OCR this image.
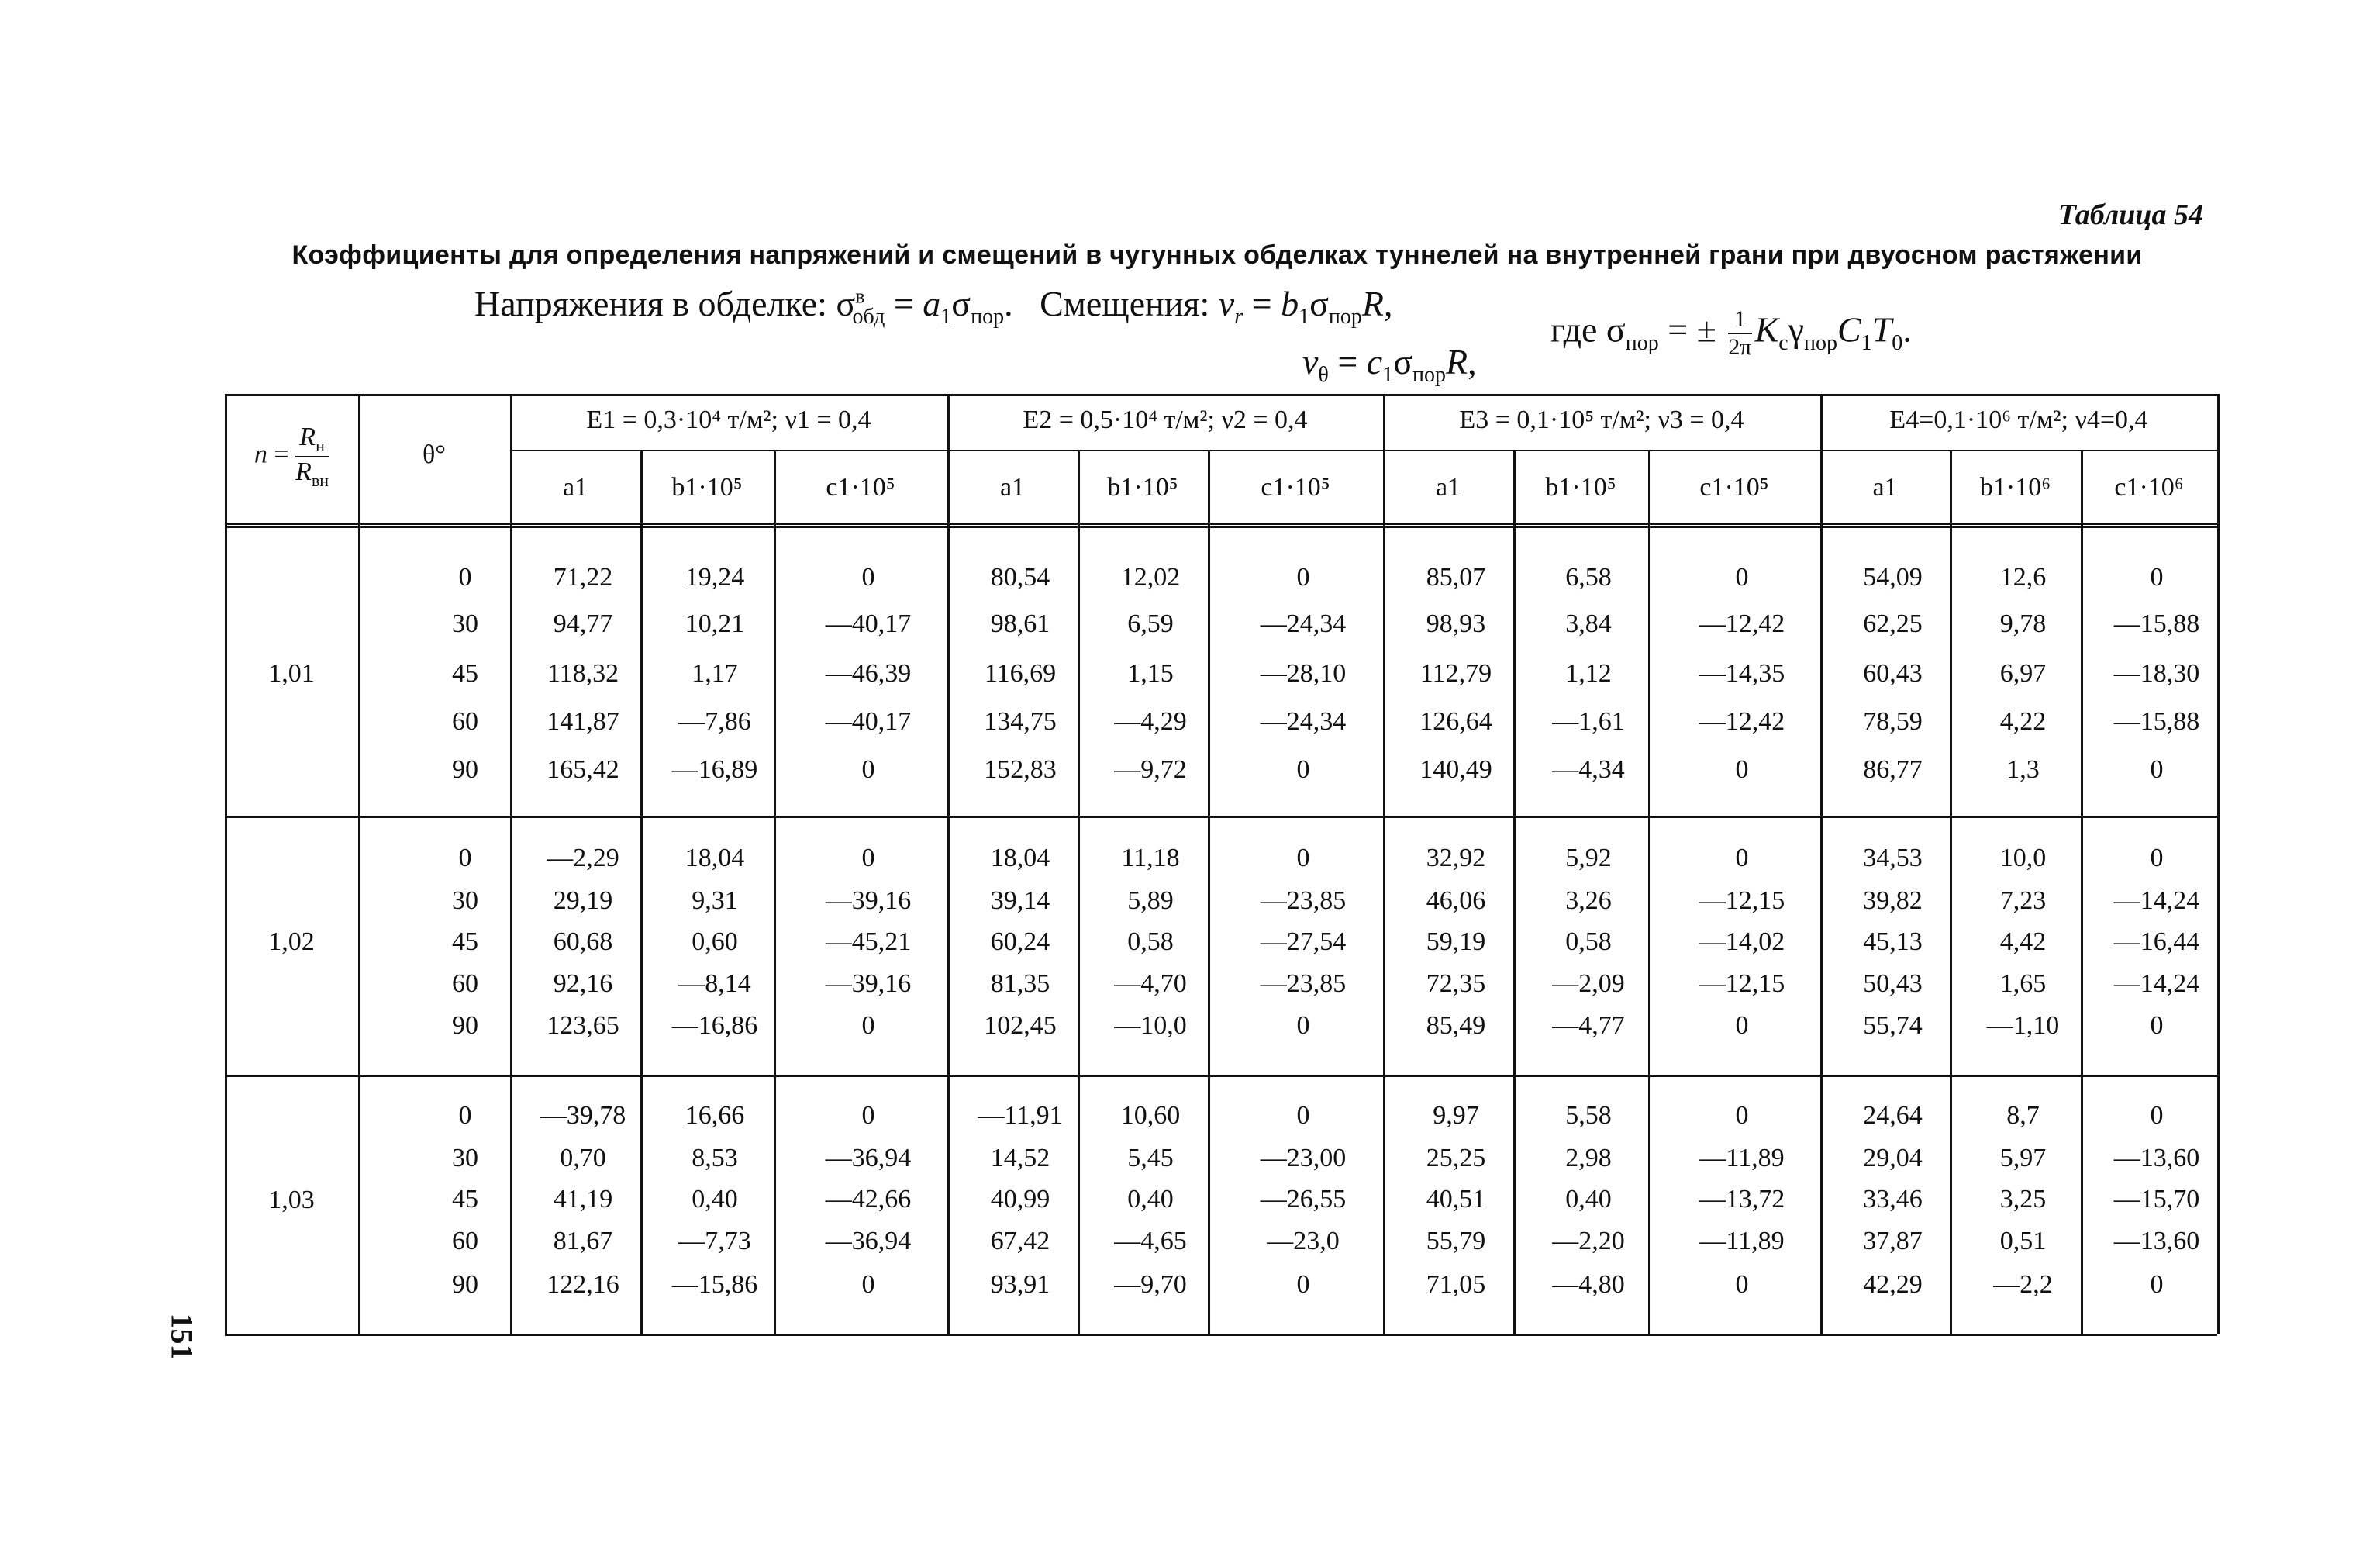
Таблица 54
Коэффициенты для определения напряжений и смещений в чугунных обделках туннелей на внутренней грани при двуосном растяжении
Напряжения в обделке: $\sigma^в_{обд} = a_1\sigma_{пор}$.   Смещения: $v_r = b_1\sigma_{пор}R$,
$v_\theta = c_1\sigma_{пор}R$,
где $\sigma_{пор}$ = ± $\frac{1}{2\pi} K_c\gamma_{пор}C_1T_0$.
151
n =
$R_н$
$R_{вн}$
θ°
E1 = 0,3·10⁴ т/м²; ν1 = 0,4	E2 = 0,5·10⁴ т/м²; ν2 = 0,4	E3 = 0,1·10⁵ т/м²; ν3 = 0,4	E4=0,1·10⁶ т/м²; ν4=0,4
a1	b1·10⁵	c1·10⁵	a1	b1·10⁵	c1·10⁵	a1	b1·10⁵	c1·10⁵	a1	b1·10⁶	c1·10⁶
1,01
0	71,22	19,24	0	80,54	12,02	0	85,07	6,58	0	54,09	12,6	0
30	94,77	10,21	—40,17	98,61	6,59	—24,34	98,93	3,84	—12,42	62,25	9,78	—15,88
45	118,32	1,17	—46,39	116,69	1,15	—28,10	112,79	1,12	—14,35	60,43	6,97	—18,30
60	141,87	—7,86	—40,17	134,75	—4,29	—24,34	126,64	—1,61	—12,42	78,59	4,22	—15,88
90	165,42	—16,89	0	152,83	—9,72	0	140,49	—4,34	0	86,77	1,3	0
1,02
0	—2,29	18,04	0	18,04	11,18	0	32,92	5,92	0	34,53	10,0	0
30	29,19	9,31	—39,16	39,14	5,89	—23,85	46,06	3,26	—12,15	39,82	7,23	—14,24
45	60,68	0,60	—45,21	60,24	0,58	—27,54	59,19	0,58	—14,02	45,13	4,42	—16,44
60	92,16	—8,14	—39,16	81,35	—4,70	—23,85	72,35	—2,09	—12,15	50,43	1,65	—14,24
90	123,65	—16,86	0	102,45	—10,0	0	85,49	—4,77	0	55,74	—1,10	0
1,03
0	—39,78	16,66	0	—11,91	10,60	0	9,97	5,58	0	24,64	8,7	0
30	0,70	8,53	—36,94	14,52	5,45	—23,00	25,25	2,98	—11,89	29,04	5,97	—13,60
45	41,19	0,40	—42,66	40,99	0,40	—26,55	40,51	0,40	—13,72	33,46	3,25	—15,70
60	81,67	—7,73	—36,94	67,42	—4,65	—23,0	55,79	—2,20	—11,89	37,87	0,51	—13,60
90	122,16	—15,86	0	93,91	—9,70	0	71,05	—4,80	0	42,29	—2,2	0
